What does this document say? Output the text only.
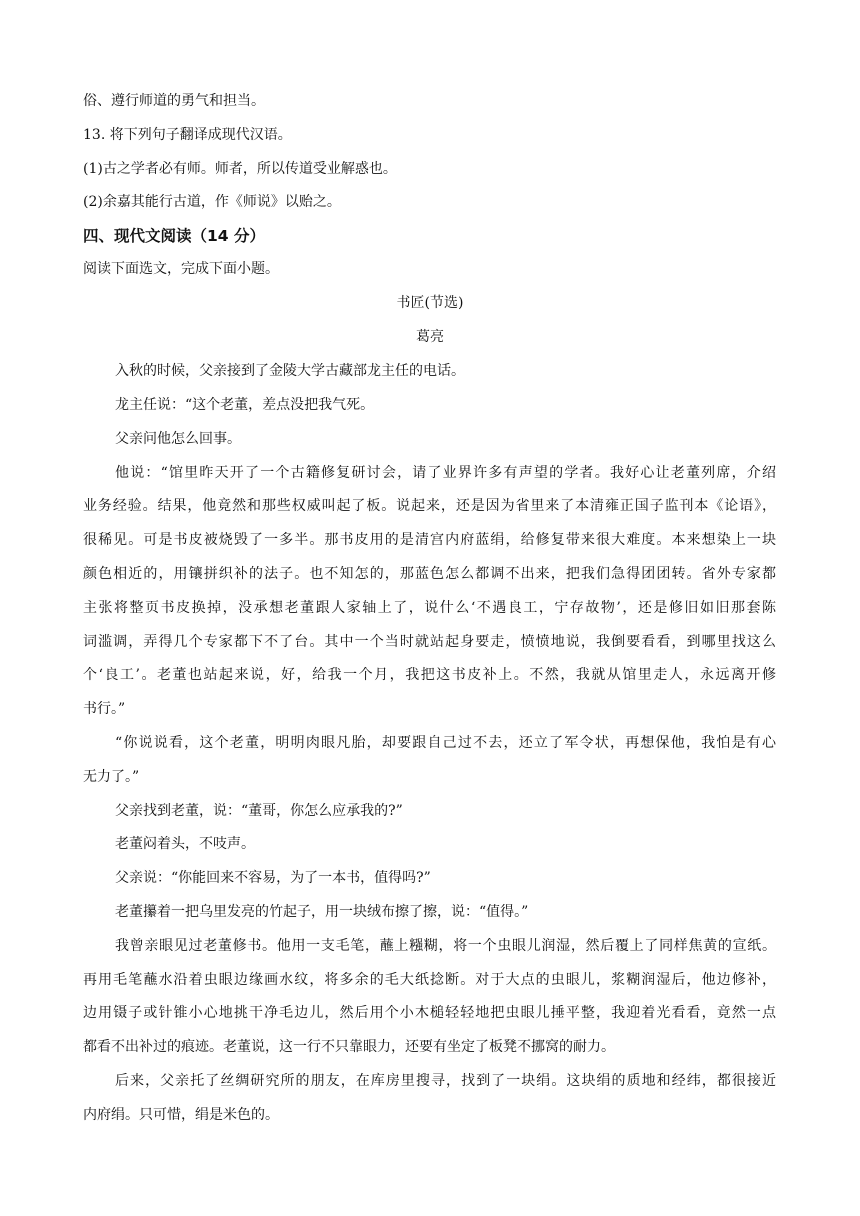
俗、遵行师道的勇气和担当。
13. 将下列句子翻译成现代汉语。
(1)古之学者必有师。师者，所以传道受业解惑也。
(2)余嘉其能行古道，作《师说》以贻之。
四、现代文阅读（14 分）
阅读下面选文，完成下面小题。
书匠(节选)
葛亮
入秋的时候，父亲接到了金陵大学古藏部龙主任的电话。
龙主任说：“这个老董，差点没把我气死。
父亲问他怎么回事。
他说：“馆里昨天开了一个古籍修复研讨会，请了业界许多有声望的学者。我好心让老董列席，介绍
业务经验。结果，他竟然和那些权威叫起了板。说起来，还是因为省里来了本清雍正国子监刊本《论语》，
很稀见。可是书皮被烧毁了一多半。那书皮用的是清宫内府蓝绢，给修复带来很大难度。本来想染上一块
颜色相近的，用镶拼织补的法子。也不知怎的，那蓝色怎么都调不出来，把我们急得团团转。省外专家都
主张将整页书皮换掉，没承想老董跟人家轴上了，说什么‘不遇良工，宁存故物’，还是修旧如旧那套陈
词滥调，弄得几个专家都下不了台。其中一个当时就站起身要走，愤愤地说，我倒要看看，到哪里找这么
个‘良工’。老董也站起来说，好，给我一个月，我把这书皮补上。不然，我就从馆里走人，永远离开修
书行。”
“你说说看，这个老董，明明肉眼凡胎，却要跟自己过不去，还立了军令状，再想保他，我怕是有心
无力了。”
父亲找到老董，说：“董哥，你怎么应承我的?”
老董闷着头，不吱声。
父亲说：“你能回来不容易，为了一本书，值得吗?”
老董攥着一把乌里发亮的竹起子，用一块绒布擦了擦，说：“值得。”
我曾亲眼见过老董修书。他用一支毛笔，蘸上糨糊，将一个虫眼儿润湿，然后覆上了同样焦黄的宣纸。
再用毛笔蘸水沿着虫眼边缘画水纹，将多余的毛大纸捻断。对于大点的虫眼儿，浆糊润湿后，他边修补，
边用镊子或针锥小心地挑干净毛边儿，然后用个小木槌轻轻地把虫眼儿捶平整，我迎着光看看，竟然一点
都看不出补过的痕迹。老董说，这一行不只靠眼力，还要有坐定了板凳不挪窝的耐力。
后来，父亲托了丝绸研究所的朋友，在库房里搜寻，找到了一块绢。这块绢的质地和经纬，都很接近
内府绢。只可惜，绢是米色的。
